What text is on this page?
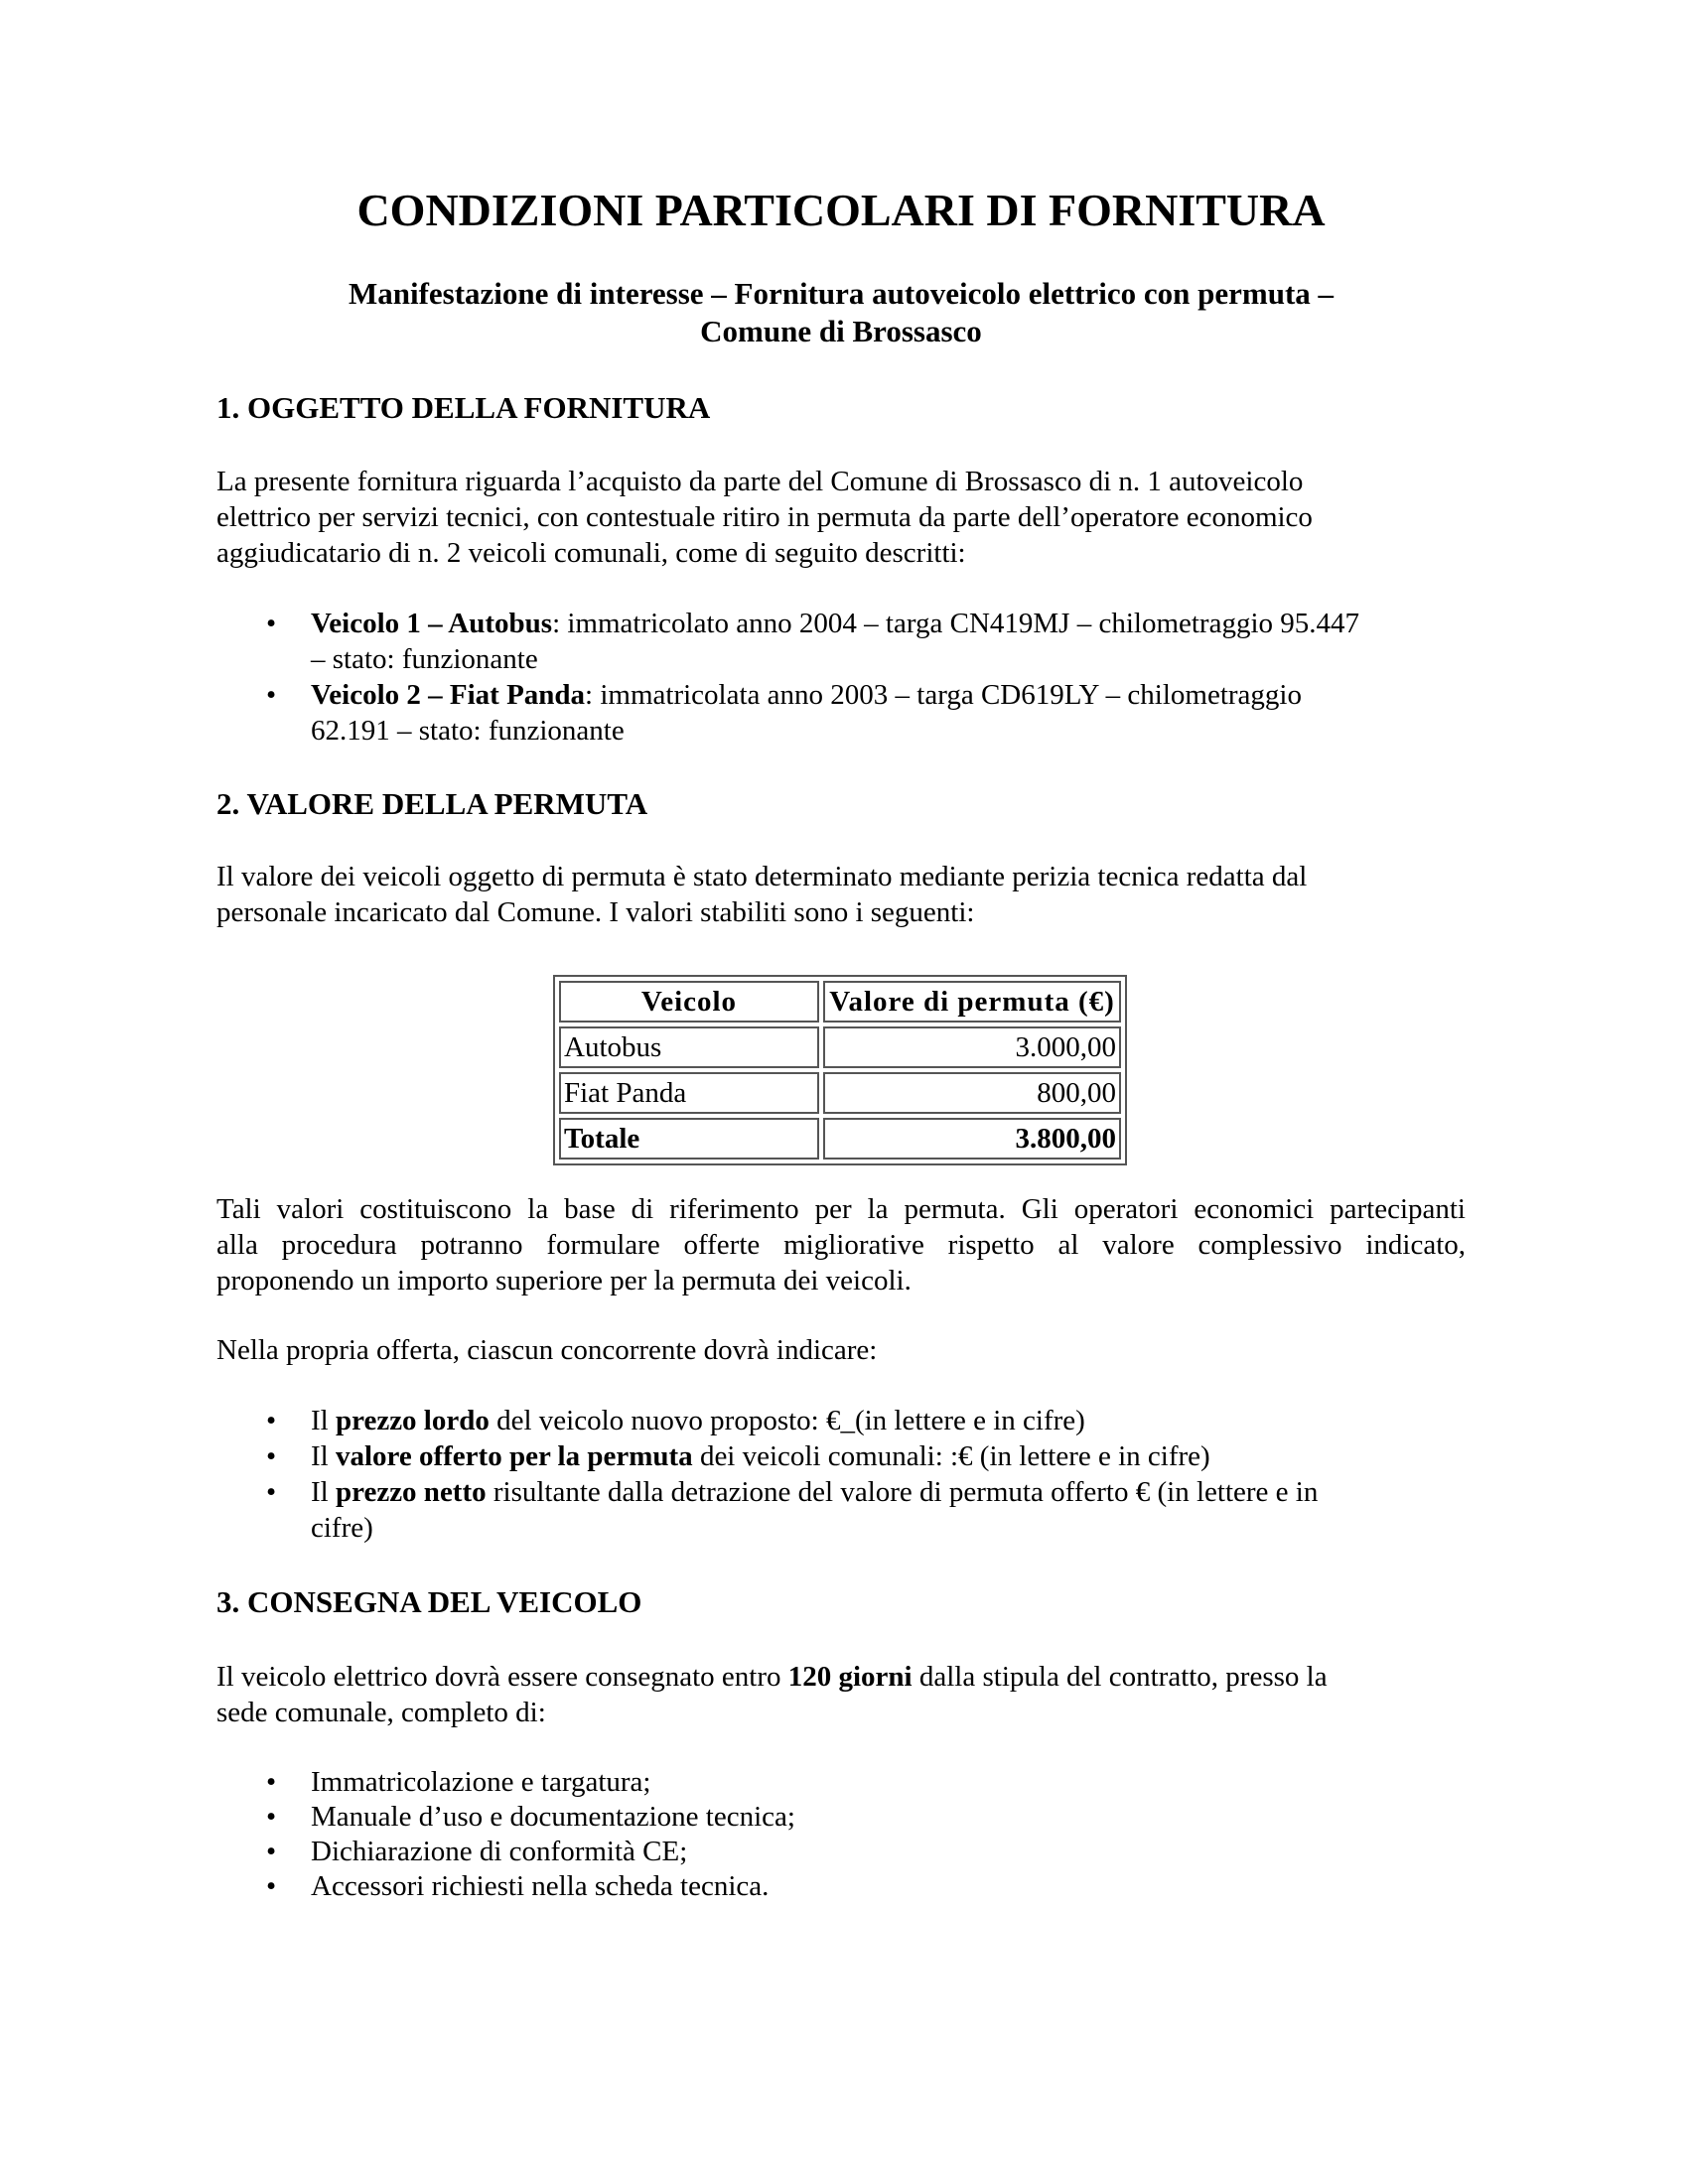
CONDIZIONI PARTICOLARI DI FORNITURA
Manifestazione di interesse – Fornitura autoveicolo elettrico con permuta –
Comune di Brossasco
1. OGGETTO DELLA FORNITURA
La presente fornitura riguarda l’acquisto da parte del Comune di Brossasco di n. 1 autoveicolo
elettrico per servizi tecnici, con contestuale ritiro in permuta da parte dell’operatore economico
aggiudicatario di n. 2 veicoli comunali, come di seguito descritti:
• Veicolo 1 – Autobus: immatricolato anno 2004 – targa CN419MJ – chilometraggio 95.447
– stato: funzionante
• Veicolo 2 – Fiat Panda: immatricolata anno 2003 – targa CD619LY – chilometraggio
62.191 – stato: funzionante
2. VALORE DELLA PERMUTA
Il valore dei veicoli oggetto di permuta è stato determinato mediante perizia tecnica redatta dal
personale incaricato dal Comune. I valori stabiliti sono i seguenti:
Veicolo	Valore di permuta (€)
Autobus	3.000,00
Fiat Panda	800,00
Totale	3.800,00
Tali valori costituiscono la base di riferimento per la permuta. Gli operatori economici partecipanti
alla procedura potranno formulare offerte migliorative rispetto al valore complessivo indicato,
proponendo un importo superiore per la permuta dei veicoli.
Nella propria offerta, ciascun concorrente dovrà indicare:
• Il prezzo lordo del veicolo nuovo proposto: €_(in lettere e in cifre)
• Il valore offerto per la permuta dei veicoli comunali: :€ (in lettere e in cifre)
• Il prezzo netto risultante dalla detrazione del valore di permuta offerto € (in lettere e in
cifre)
3. CONSEGNA DEL VEICOLO
Il veicolo elettrico dovrà essere consegnato entro 120 giorni dalla stipula del contratto, presso la
sede comunale, completo di:
• Immatricolazione e targatura;
• Manuale d’uso e documentazione tecnica;
• Dichiarazione di conformità CE;
• Accessori richiesti nella scheda tecnica.
